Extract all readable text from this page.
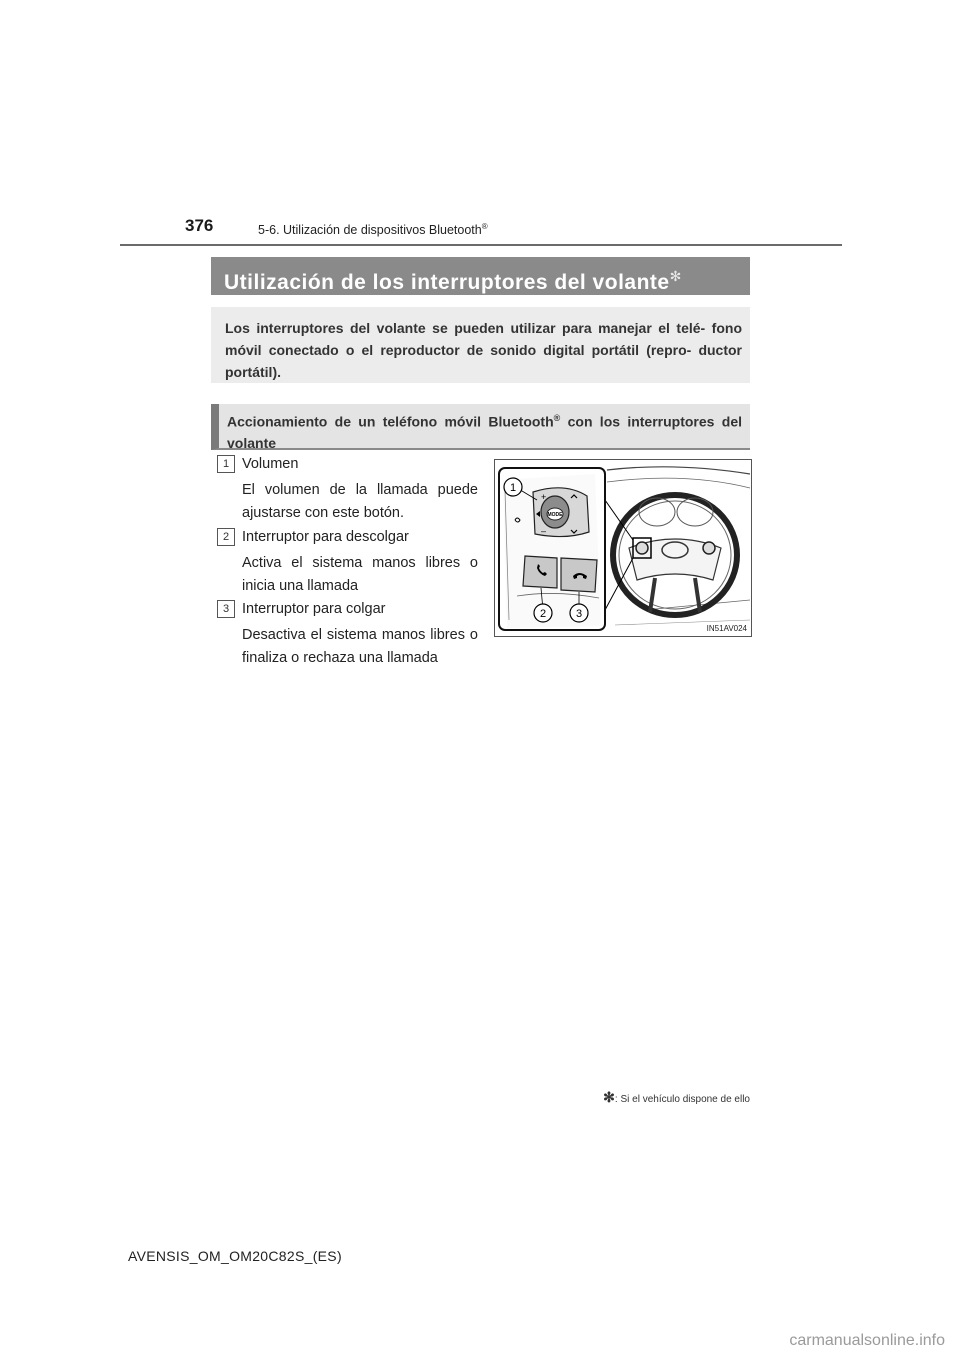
376	5-6. Utilización de dispositivos Bluetooth®
Utilización de los interruptores del volante✻
Los interruptores del volante se pueden utilizar para manejar el telé- fono móvil conectado o el reproductor de sonido digital portátil (repro- ductor portátil).
Accionamiento de un teléfono móvil Bluetooth® con los interruptores del volante
1 Volumen
El volumen de la llamada puede ajustarse con este botón.
2 Interruptor para descolgar
Activa el sistema manos libres o inicia una llamada
3 Interruptor para colgar
Desactiva el sistema manos libres o finaliza o rechaza una llamada
MODE
+
–
1
2	3
IN51AV024
✻: Si el vehículo dispone de ello
AVENSIS_OM_OM20C82S_(ES)
carmanualsonline.info
